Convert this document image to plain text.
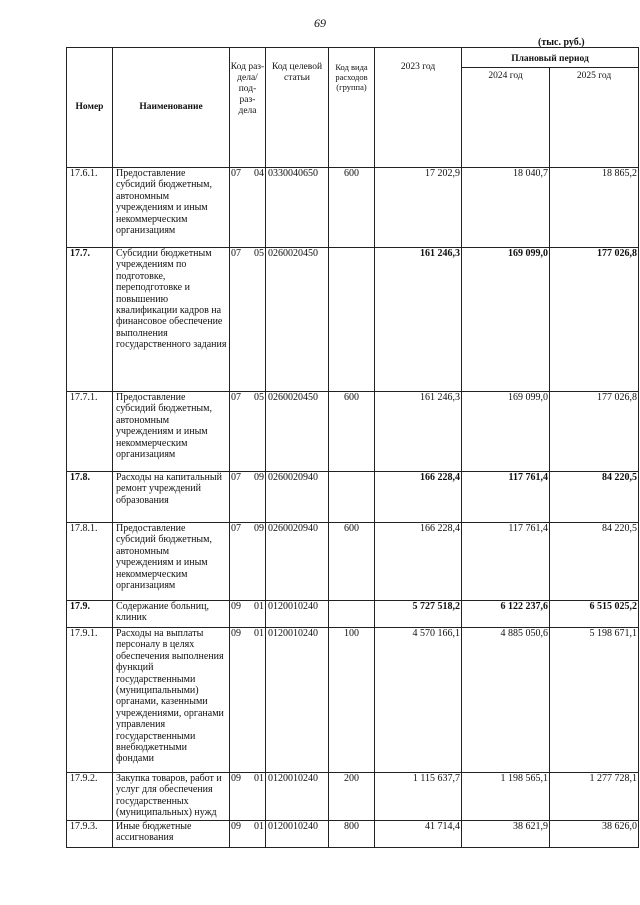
69
(тыс. руб.)
Номер	Наименование	Код раз- дела/ под- раз- дела	Код целевой статьи	Код вида расходов (группа)	2023 год	Плановый период	
						2024 год	2025 год
17.6.1.	Предоставление субсидий бюджетным, автономным учреждениям и иным некоммерческим организациям	07 04	0330040650	600	17 202,9	18 040,7	18 865,2
17.7.	Субсидии бюджетным учреждениям по подготовке, переподготовке и повышению квалификации кадров на финансовое обеспечение выполнения государственного задания	07 05	0260020450		161 246,3	169 099,0	177 026,8
17.7.1.	Предоставление субсидий бюджетным, автономным учреждениям и иным некоммерческим организациям	07 05	0260020450	600	161 246,3	169 099,0	177 026,8
17.8.	Расходы на капитальный ремонт учреждений образования	07 09	0260020940		166 228,4	117 761,4	84 220,5
17.8.1.	Предоставление субсидий бюджетным, автономным учреждениям и иным некоммерческим организациям	07 09	0260020940	600	166 228,4	117 761,4	84 220,5
17.9.	Содержание больниц, клиник	09 01	0120010240		5 727 518,2	6 122 237,6	6 515 025,2
17.9.1.	Расходы на выплаты персоналу в целях обеспечения выполнения функций государственными (муниципальными) органами, казенными учреждениями, органами управления государственными внебюджетными фондами	09 01	0120010240	100	4 570 166,1	4 885 050,6	5 198 671,1
17.9.2.	Закупка товаров, работ и услуг для обеспечения государственных (муниципальных) нужд	09 01	0120010240	200	1 115 637,7	1 198 565,1	1 277 728,1
17.9.3.	Иные бюджетные ассигнования	09 01	0120010240	800	41 714,4	38 621,9	38 626,0
